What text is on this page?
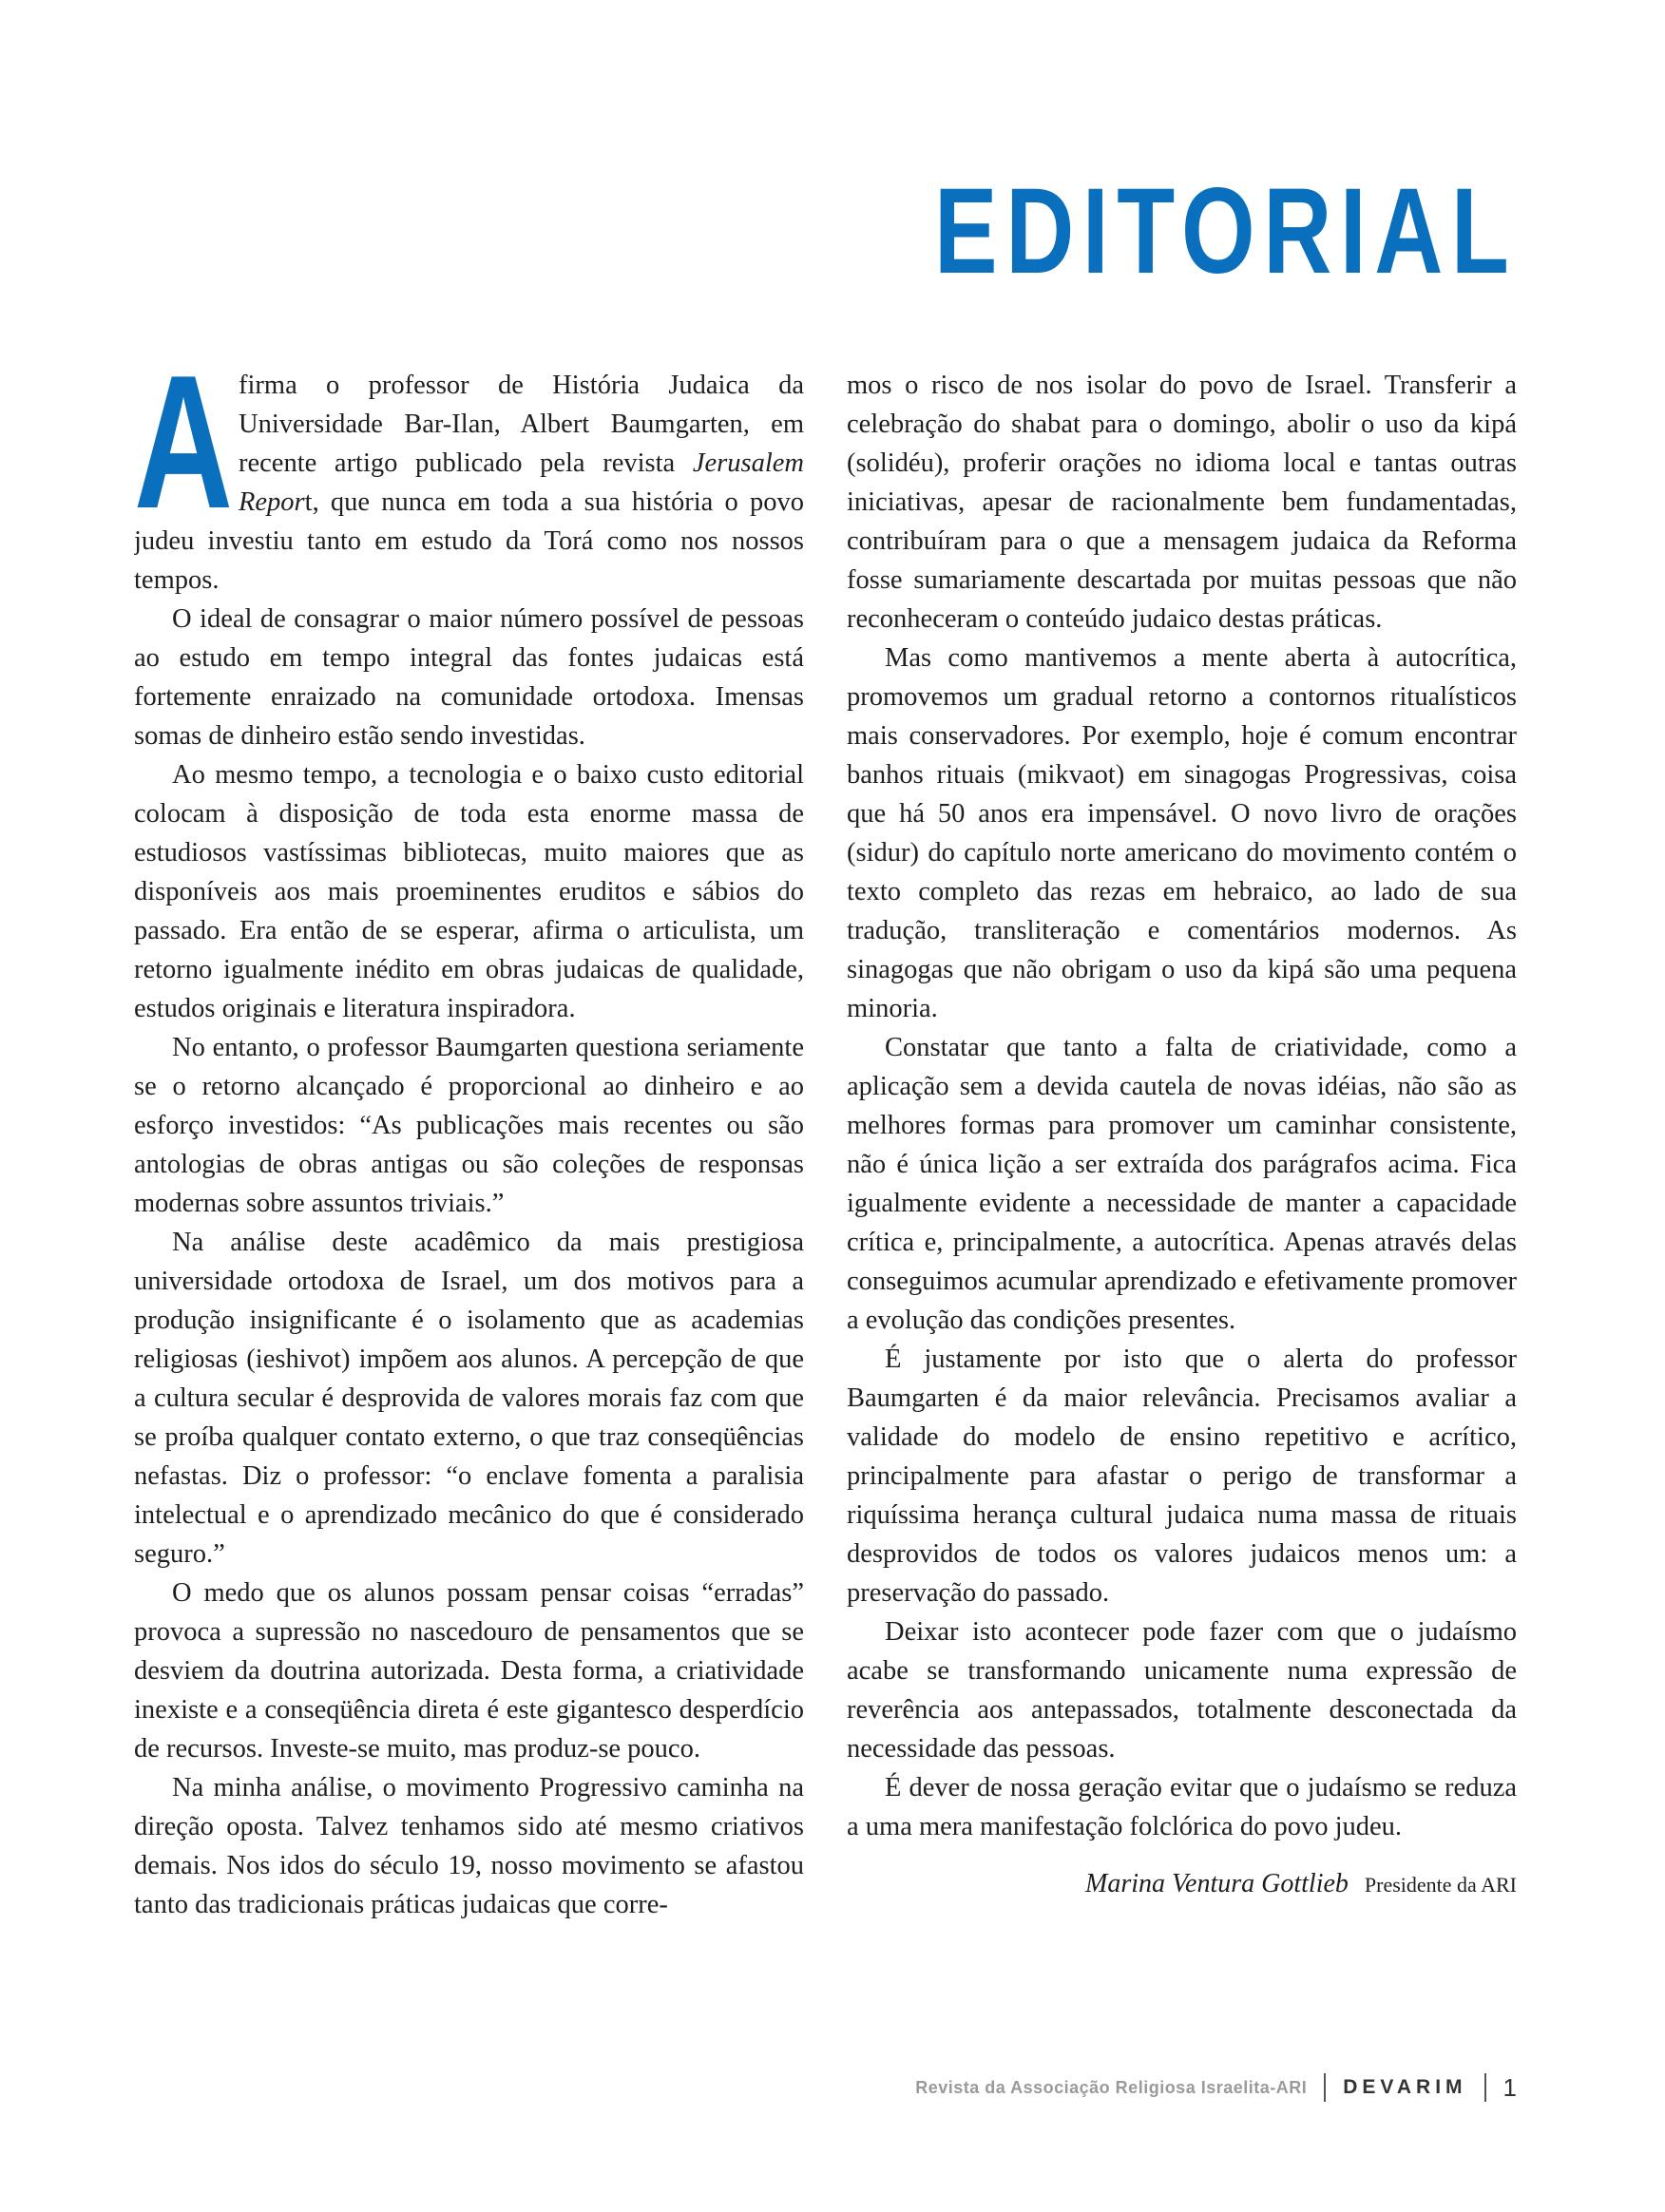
EDITORIAL

Afirma o professor de História Judaica da Universidade Bar-Ilan, Albert Baumgarten, em recente artigo publicado pela revista Jerusalem Report, que nunca em toda a sua história o povo judeu investiu tanto em estudo da Torá como nos nossos tempos.

O ideal de consagrar o maior número possível de pessoas ao estudo em tempo integral das fontes judaicas está fortemente enraizado na comunidade ortodoxa. Imensas somas de dinheiro estão sendo investidas.

Ao mesmo tempo, a tecnologia e o baixo custo editorial colocam à disposição de toda esta enorme massa de estudiosos vastíssimas bibliotecas, muito maiores que as disponíveis aos mais proeminentes eruditos e sábios do passado. Era então de se esperar, afirma o articulista, um retorno igualmente inédito em obras judaicas de qualidade, estudos originais e literatura inspiradora.

No entanto, o professor Baumgarten questiona seriamente se o retorno alcançado é proporcional ao dinheiro e ao esforço investidos: “As publicações mais recentes ou são antologias de obras antigas ou são coleções de responsas modernas sobre assuntos triviais.”

Na análise deste acadêmico da mais prestigiosa universidade ortodoxa de Israel, um dos motivos para a produção insignificante é o isolamento que as academias religiosas (ieshivot) impõem aos alunos. A percepção de que a cultura secular é desprovida de valores morais faz com que se proíba qualquer contato externo, o que traz conseqüências nefastas. Diz o professor: “o enclave fomenta a paralisia intelectual e o aprendizado mecânico do que é considerado seguro.”

O medo que os alunos possam pensar coisas “erradas” provoca a supressão no nascedouro de pensamentos que se desviem da doutrina autorizada. Desta forma, a criatividade inexiste e a conseqüência direta é este gigantesco desperdício de recursos. Investe-se muito, mas produz-se pouco.

Na minha análise, o movimento Progressivo caminha na direção oposta. Talvez tenhamos sido até mesmo criativos demais. Nos idos do século 19, nosso movimento se afastou tanto das tradicionais práticas judaicas que corre-

mos o risco de nos isolar do povo de Israel. Transferir a celebração do shabat para o domingo, abolir o uso da kipá (solidéu), proferir orações no idioma local e tantas outras iniciativas, apesar de racionalmente bem fundamentadas, contribuíram para o que a mensagem judaica da Reforma fosse sumariamente descartada por muitas pessoas que não reconheceram o conteúdo judaico destas práticas.

Mas como mantivemos a mente aberta à autocrítica, promovemos um gradual retorno a contornos ritualísticos mais conservadores. Por exemplo, hoje é comum encontrar banhos rituais (mikvaot) em sinagogas Progressivas, coisa que há 50 anos era impensável. O novo livro de orações (sidur) do capítulo norte americano do movimento contém o texto completo das rezas em hebraico, ao lado de sua tradução, transliteração e comentários modernos. As sinagogas que não obrigam o uso da kipá são uma pequena minoria.

Constatar que tanto a falta de criatividade, como a aplicação sem a devida cautela de novas idéias, não são as melhores formas para promover um caminhar consistente, não é única lição a ser extraída dos parágrafos acima. Fica igualmente evidente a necessidade de manter a capacidade crítica e, principalmente, a autocrítica. Apenas através delas conseguimos acumular aprendizado e efetivamente promover a evolução das condições presentes.

É justamente por isto que o alerta do professor Baumgarten é da maior relevância. Precisamos avaliar a validade do modelo de ensino repetitivo e acrítico, principalmente para afastar o perigo de transformar a riquíssima herança cultural judaica numa massa de rituais desprovidos de todos os valores judaicos menos um: a preservação do passado.

Deixar isto acontecer pode fazer com que o judaísmo acabe se transformando unicamente numa expressão de reverência aos antepassados, totalmente desconectada da necessidade das pessoas.

É dever de nossa geração evitar que o judaísmo se reduza a uma mera manifestação folclórica do povo judeu.

Marina Ventura Gottlieb Presidente da ARI
Revista da Associação Religiosa Israelita-ARI DEVARIM 1
